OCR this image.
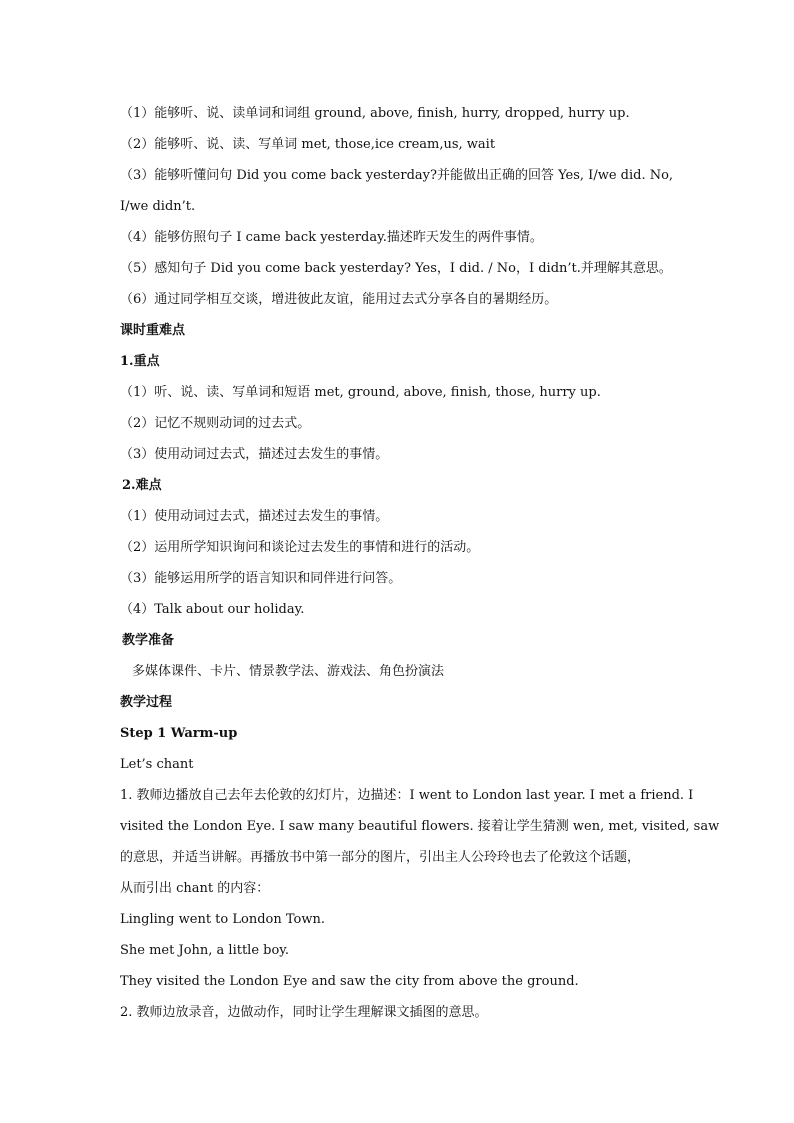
（1）能够听、说、读单词和词组 ground, above, finish, hurry, dropped, hurry up.
（2）能够听、说、读、写单词 met, those,ice cream,us, wait
（3）能够听懂问句 Did you come back yesterday?并能做出正确的回答 Yes, I/we did. No,
I/we didn’t.
（4）能够仿照句子 I came back yesterday.描述昨天发生的两件事情。
（5）感知句子 Did you come back yesterday? Yes，I did. / No，I didn’t.并理解其意思。
（6）通过同学相互交谈，增进彼此友谊，能用过去式分享各自的暑期经历。
课时重难点
1.重点
（1）听、说、读、写单词和短语 met, ground, above, finish, those, hurry up.
（2）记忆不规则动词的过去式。
（3）使用动词过去式，描述过去发生的事情。
2.难点
（1）使用动词过去式，描述过去发生的事情。
（2）运用所学知识询问和谈论过去发生的事情和进行的活动。
（3）能够运用所学的语言知识和同伴进行问答。
（4）Talk about our holiday.
教学准备
多媒体课件、卡片、情景教学法、游戏法、角色扮演法
教学过程
Step 1 Warm-up
Let’s chant
1. 教师边播放自己去年去伦敦的幻灯片，边描述：I went to London last year. I met a friend. I
visited the London Eye. I saw many beautiful flowers. 接着让学生猜测 wen, met, visited, saw
的意思，并适当讲解。再播放书中第一部分的图片，引出主人公玲玲也去了伦敦这个话题，
从而引出 chant 的内容：
Lingling went to London Town.
She met John, a little boy.
They visited the London Eye and saw the city from above the ground.
2. 教师边放录音，边做动作，同时让学生理解课文插图的意思。
